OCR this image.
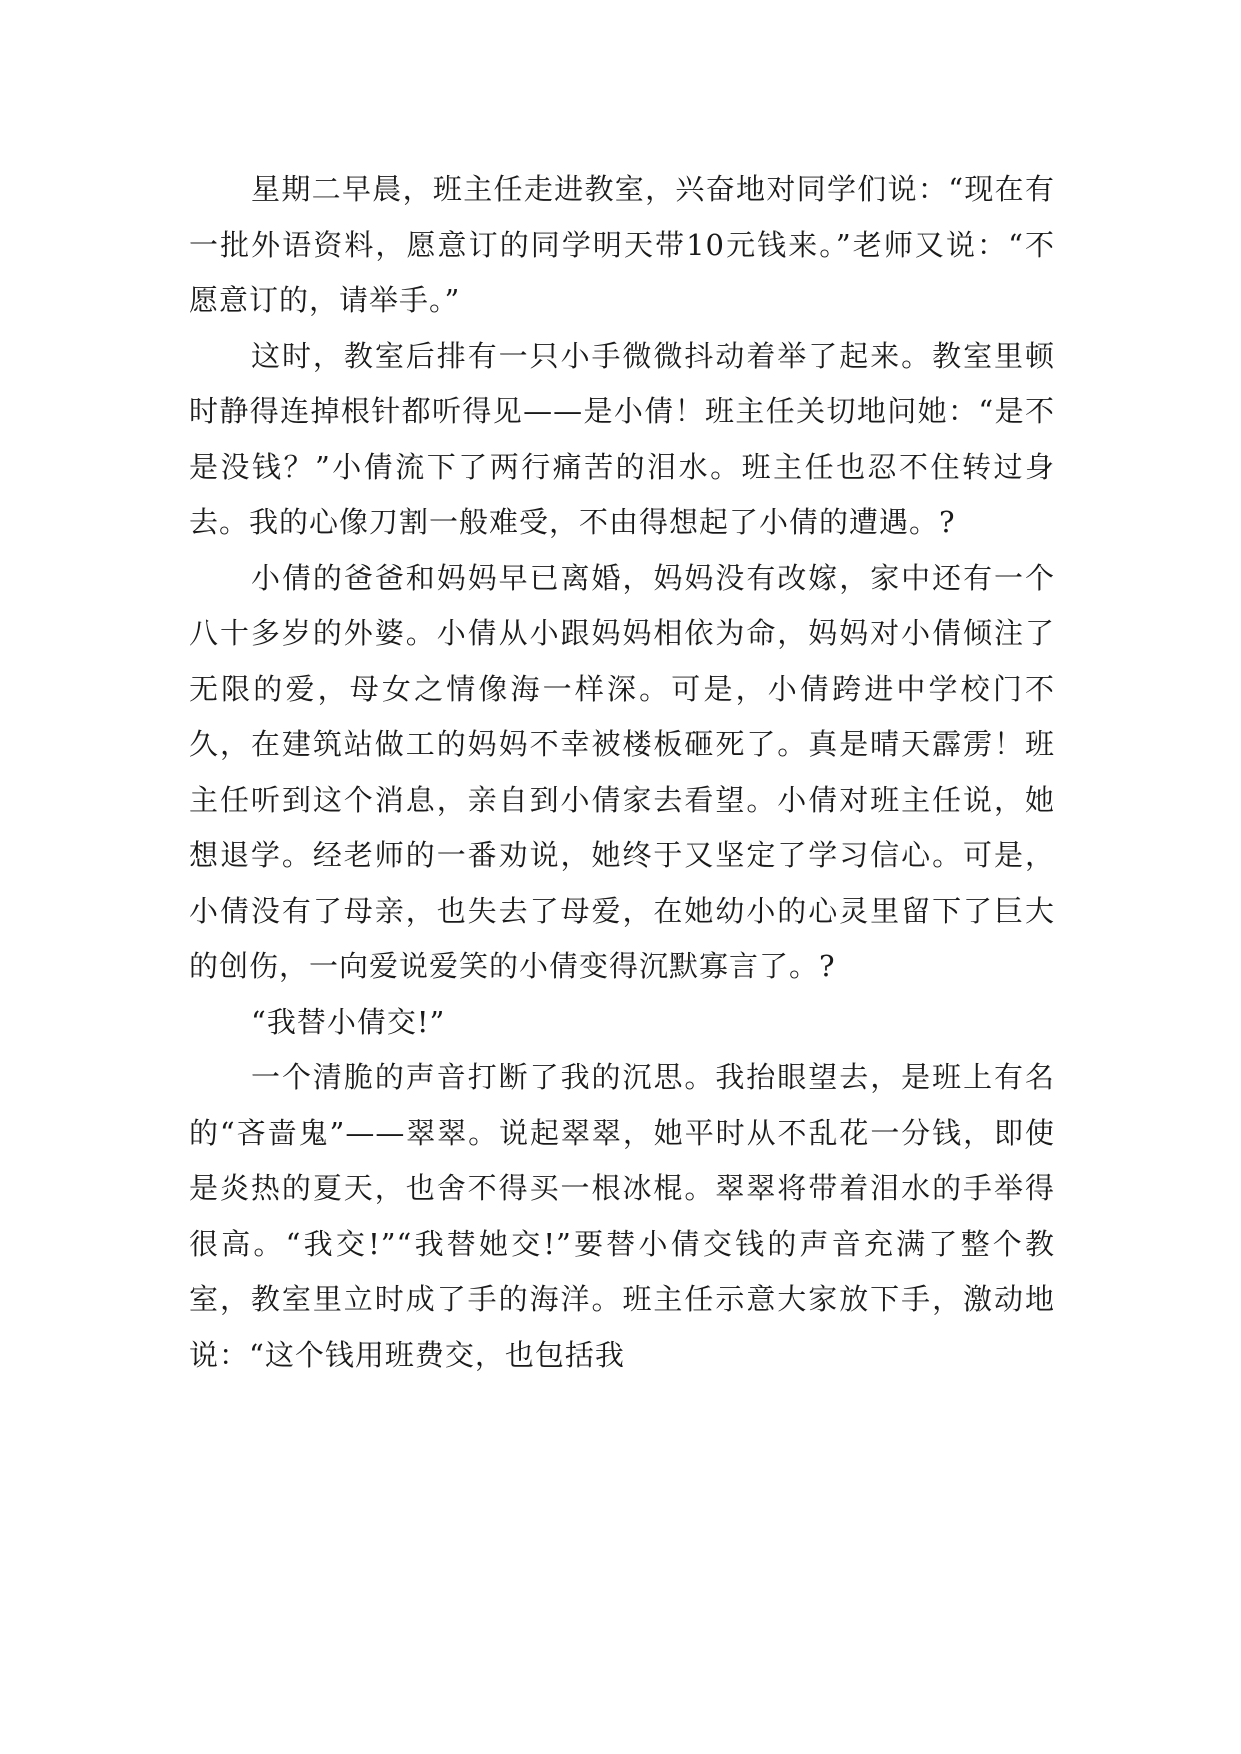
星期二早晨，班主任走进教室，兴奋地对同学们说：“现在有一批外语资料，愿意订的同学明天带10元钱来。”老师又说：“不愿意订的，请举手。”

这时，教室后排有一只小手微微抖动着举了起来。教室里顿时静得连掉根针都听得见——是小倩！班主任关切地问她：“是不是没钱？”小倩流下了两行痛苦的泪水。班主任也忍不住转过身去。我的心像刀割一般难受，不由得想起了小倩的遭遇。?

小倩的爸爸和妈妈早已离婚，妈妈没有改嫁，家中还有一个八十多岁的外婆。小倩从小跟妈妈相依为命，妈妈对小倩倾注了无限的爱，母女之情像海一样深。可是，小倩跨进中学校门不久，在建筑站做工的妈妈不幸被楼板砸死了。真是晴天霹雳！班主任听到这个消息，亲自到小倩家去看望。小倩对班主任说，她想退学。经老师的一番劝说，她终于又坚定了学习信心。可是，小倩没有了母亲，也失去了母爱，在她幼小的心灵里留下了巨大的创伤，一向爱说爱笑的小倩变得沉默寡言了。?

“我替小倩交!”

一个清脆的声音打断了我的沉思。我抬眼望去，是班上有名的“吝啬鬼”——翠翠。说起翠翠，她平时从不乱花一分钱，即使是炎热的夏天，也舍不得买一根冰棍。翠翠将带着泪水的手举得很高。“我交!”“我替她交!”要替小倩交钱的声音充满了整个教室，教室里立时成了手的海洋。班主任示意大家放下手，激动地说：“这个钱用班费交，也包括我
